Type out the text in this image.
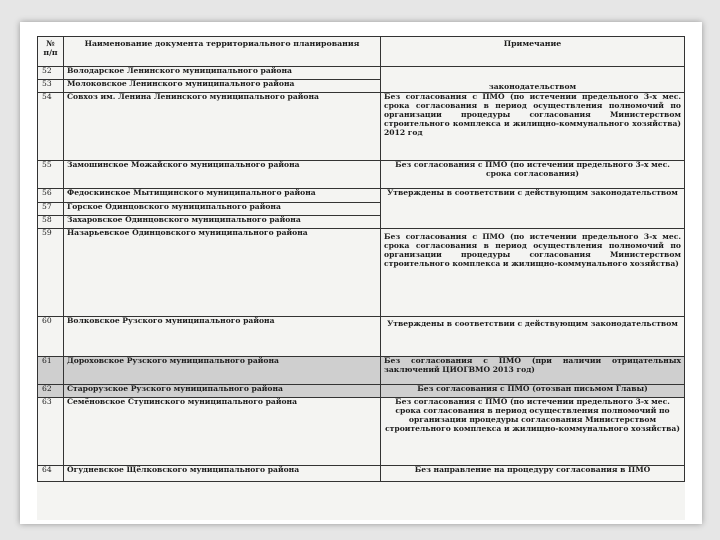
№ п/п	Наименование документа территориального планирования	Примечание
52	Володарское Ленинского муниципального района	законодательством
53	Молоковское Ленинского муниципального района	
54	Совхоз им. Ленина Ленинского муниципального района	Без согласования с ПМО (по истечении предельного 3-х мес. срока согласования в период осуществления полномочий по организации процедуры согласования Министерством строительного комплекса и жилищно-коммунального хозяйства) 2012 год
55	Замошинское Можайского муниципального района	Без согласования с ПМО (по истечении предельного 3-х мес. срока согласования)
56	Федоскинское Мытищинского муниципального района	Утверждены в соответствии с действующим законодательством
57	Горское Одинцовского муниципального района	
58	Захаровское Одинцовского муниципального района	
59	Назарьевское Одинцовского муниципального района	Без согласования с ПМО (по истечении предельного 3-х мес. срока согласования в период осуществления полномочий по организации процедуры согласования Министерством строительного комплекса и жилищно-коммунального хозяйства)
60	Волковское Рузского муниципального района	Утверждены в соответствии с действующим законодательством
61	Дороховское Рузского муниципального района	Без согласования с ПМО (при наличии отрицательных заключений ЦИОГВМО 2013 год)
62	Старорузское Рузского муниципального района	Без согласования с ПМО (отозван письмом Главы)
63	Семёновское Ступинского муниципального района	Без согласования с ПМО (по истечении предельного 3-х мес. срока согласования в период осуществления полномочий по организации процедуры согласования Министерством строительного комплекса и жилищно-коммунального хозяйства)
64	Огудневское Щёлковского муниципального района	Без направление на процедуру согласования в ПМО
